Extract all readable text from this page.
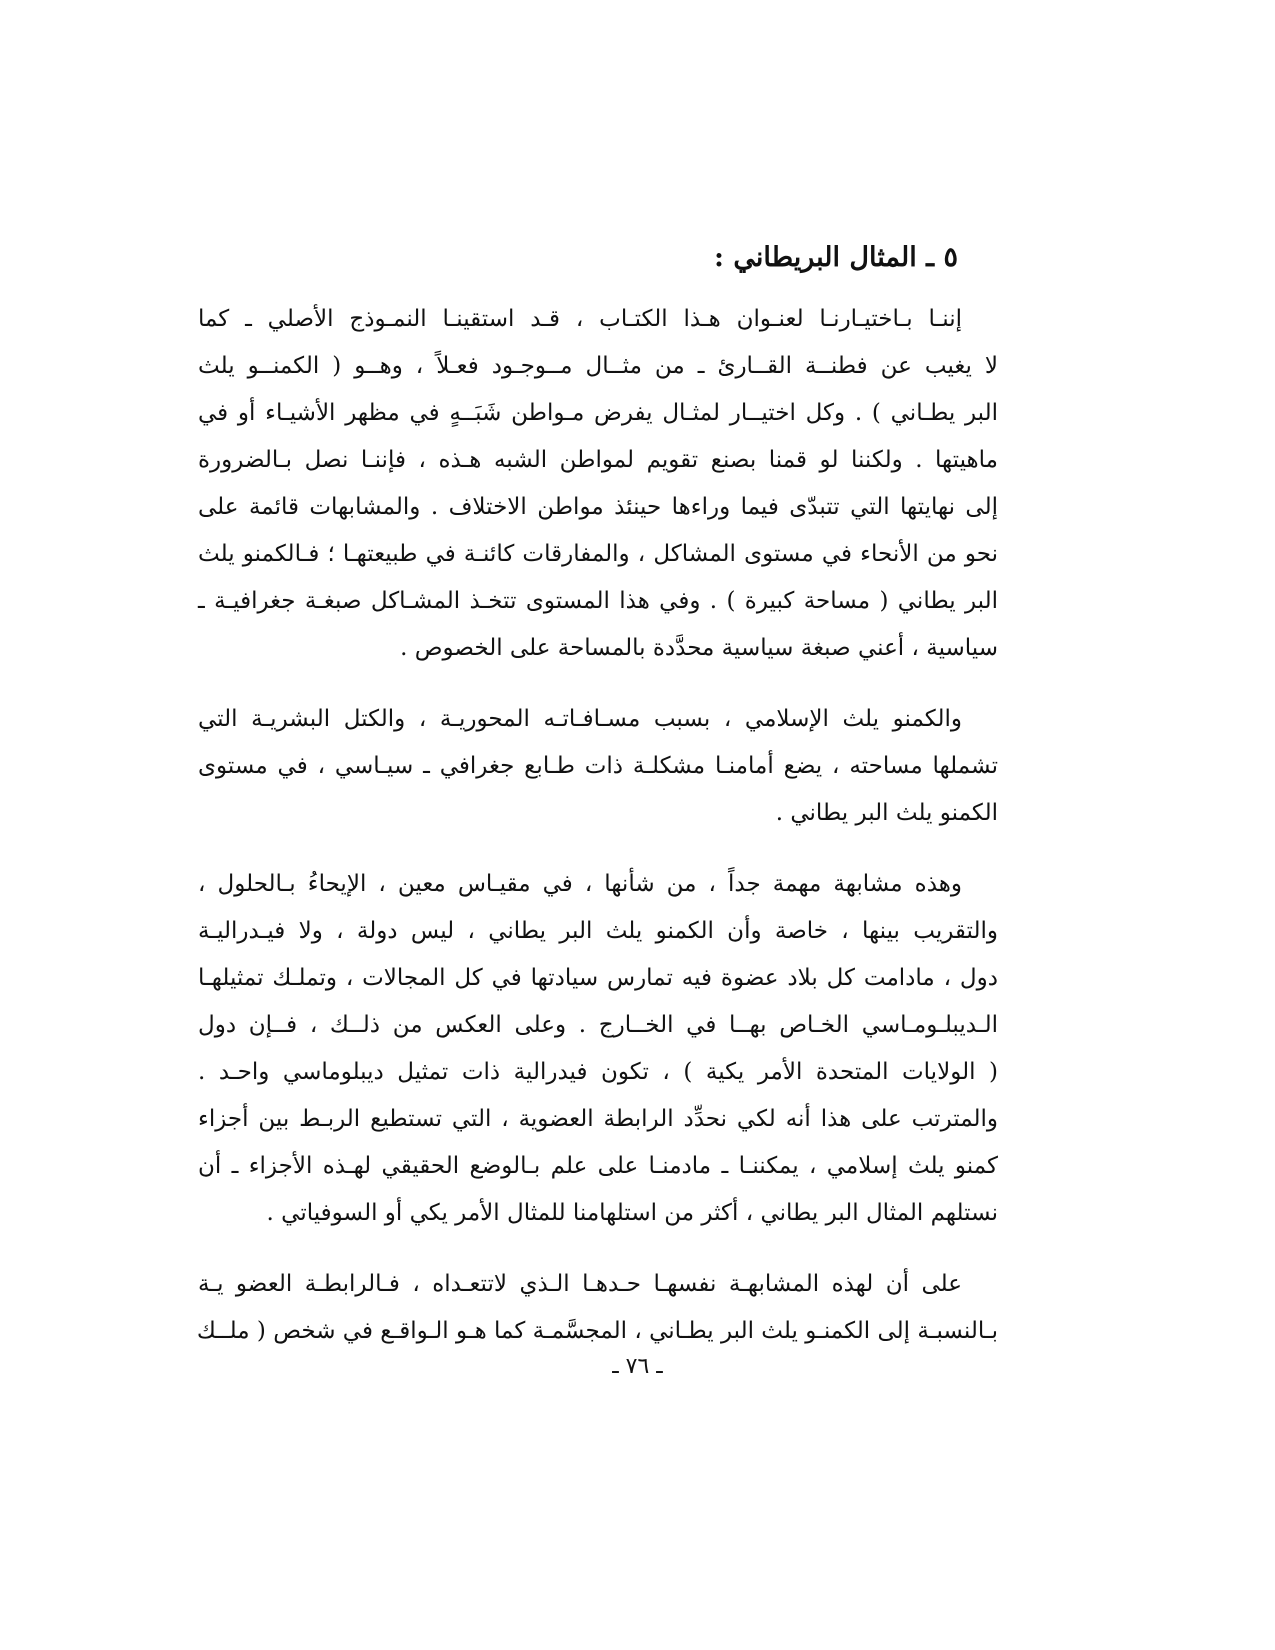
٥ ـ المثال البريطاني :
إننـا بـاختيـارنـا لعنـوان هـذا الكتـاب ، قـد استقينـا النمـوذج الأصلي ـ كما
لا يغيب عن فطنــة القــارئ ـ من مثــال مــوجـود فعـلاً ، وهــو ( الكمنــو يلث
البر يطـاني ) . وكل اختيــار لمثـال يفرض مـواطن شَبَــهٍ في مظهر الأشيـاء أو في
ماهيتها . ولكننا لو قمنا بصنع تقويم لمواطن الشبه هـذه ، فإننـا نصل بـالضرورة
إلى نهايتها التي تتبدّى فيما وراءها حينئذ مواطن الاختلاف . والمشابهات قائمة على
نحو من الأنحاء في مستوى المشاكل ، والمفارقات كائنـة في طبيعتهـا ؛ فـالكمنو يلث
البر يطاني ( مساحة كبيرة ) . وفي هذا المستوى تتخـذ المشـاكل صبغـة جغرافيـة ـ
سياسية ، أعني صبغة سياسية محدَّدة بالمساحة على الخصوص .
والكمنو يلث الإسلامي ، بسبب مسـافـاتـه المحوريـة ، والكتل البشريـة التي
تشملها مساحته ، يضع أمامنـا مشكلـة ذات طـابع جغرافي ـ سيـاسي ، في مستوى
الكمنو يلث البر يطاني .
وهذه مشابهة مهمة جداً ، من شأنها ، في مقيـاس معين ، الإيحاءُ بـالحلول ،
والتقريب بينها ، خاصة وأن الكمنو يلث البر يطاني ، ليس دولة ، ولا فيـدراليـة
دول ، مادامت كل بلاد عضوة فيه تمارس سيادتها في كل المجالات ، وتملـك تمثيلهـا
الـديبلـومـاسي الخـاص بهــا في الخــارج . وعلى العكس من ذلــك ، فــإن دول
( الولايات المتحدة الأمر يكية ) ، تكون فيدرالية ذات تمثيل ديبلوماسي واحـد .
والمترتب على هذا أنه لكي نحدِّد الرابطة العضوية ، التي تستطيع الربـط بين أجزاء
كمنو يلث إسلامي ، يمكننـا ـ مادمنـا على علم بـالوضع الحقيقي لهـذه الأجزاء ـ أن
نستلهم المثال البر يطاني ، أكثر من استلهامنا للمثال الأمر يكي أو السوفياتي .
على أن لهذه المشابهـة نفسهـا حـدهـا الـذي لاتتعـداه ، فـالرابطـة العضو يـة
بـالنسبـة إلى الكمنـو يلث البر يطـاني ، المجسَّمـة كما هـو الـواقـع في شخص ( ملــك
ـ ٧٦ ـ
